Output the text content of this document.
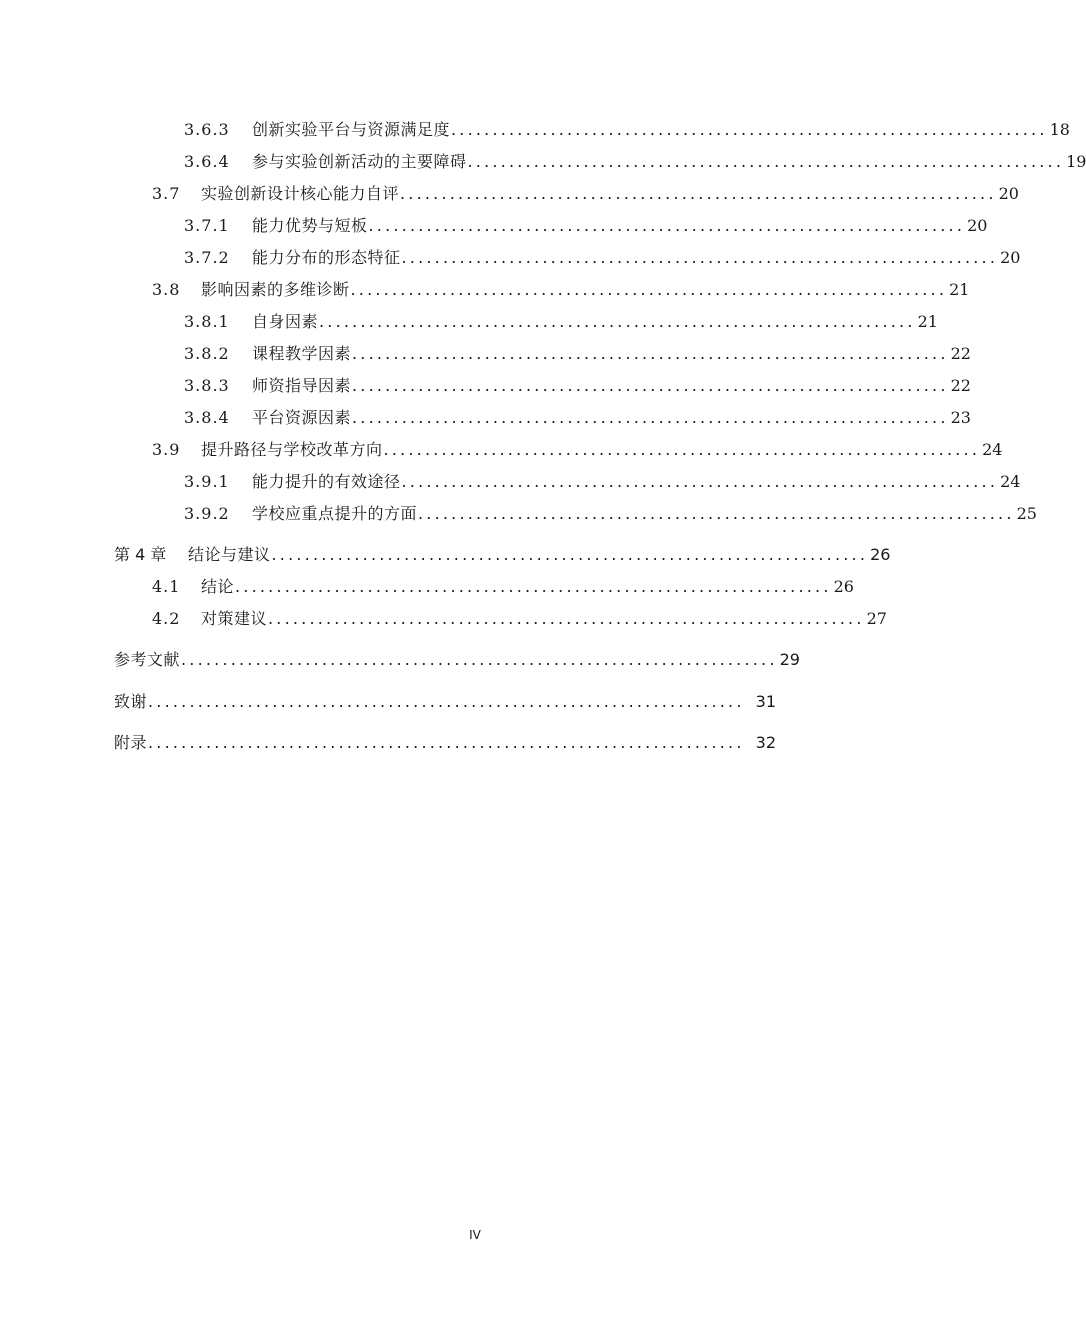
3.6.3	创新实验平台与资源满足度 ........................................................................ 18
3.6.4	参与实验创新活动的主要障碍 ........................................................................ 19
3.7	实验创新设计核心能力自评 ........................................................................ 20
3.7.1	能力优势与短板 ........................................................................ 20
3.7.2	能力分布的形态特征 ........................................................................ 20
3.8	影响因素的多维诊断 ........................................................................ 21
3.8.1	自身因素 ........................................................................ 21
3.8.2	课程教学因素 ........................................................................ 22
3.8.3	师资指导因素 ........................................................................ 22
3.8.4	平台资源因素 ........................................................................ 23
3.9	提升路径与学校改革方向 ........................................................................ 24
3.9.1	能力提升的有效途径 ........................................................................ 24
3.9.2	学校应重点提升的方面 ........................................................................ 25
第 4 章	结论与建议 ........................................................................ 26
4.1	结论 ........................................................................ 26
4.2	对策建议 ........................................................................ 27
参考文献 ........................................................................ 29
致谢 ........................................................................ 31
附录 ........................................................................ 32
IV
